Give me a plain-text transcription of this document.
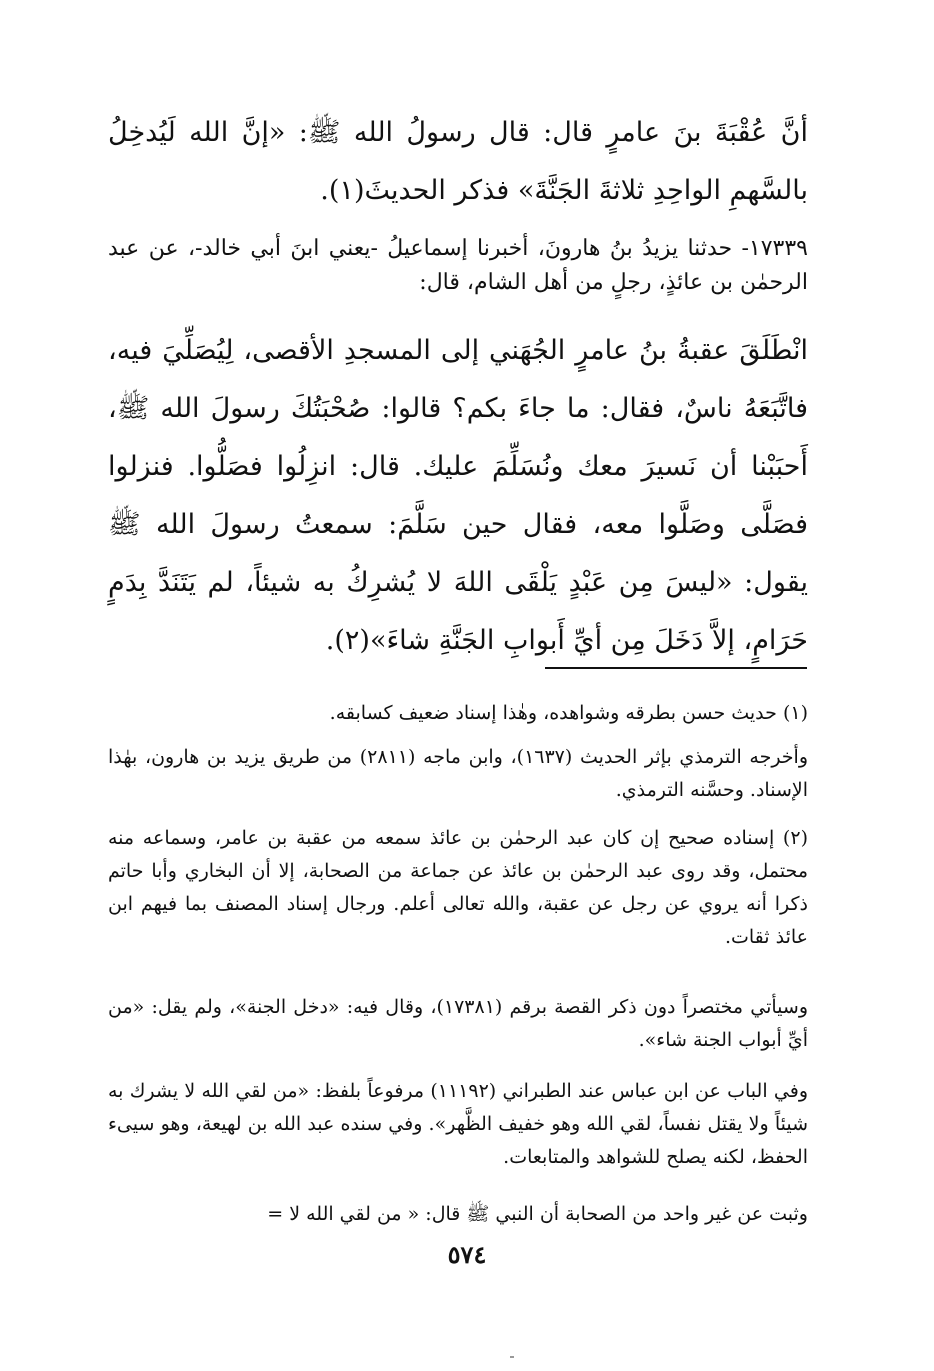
أنَّ عُقْبَةَ بنَ عامرٍ قال: قال رسولُ الله ﷺ: «إنَّ الله لَيُدخِلُ بالسَّهمِ الواحِدِ ثلاثةَ الجَنَّةَ» فذكر الحديثَ(١).

١٧٣٣٩- حدثنا يزيدُ بنُ هارونَ، أخبرنا إسماعيلُ -يعني ابنَ أبي خالد-، عن عبد الرحمٰن بن عائذٍ، رجلٍ من أهل الشام، قال:

انْطَلَقَ عقبةُ بنُ عامرٍ الجُهَني إلى المسجدِ الأقصى، لِيُصَلِّيَ فيه، فاتَّبَعَهُ ناسٌ، فقال: ما جاءَ بكم؟ قالوا: صُحْبَتُكَ رسولَ الله ﷺ، أَحبَبْنا أن نَسيرَ معك ونُسَلِّمَ عليك. قال: انزِلُوا فصَلُّوا. فنزلوا فصَلَّى وصَلَّوا معه، فقال حين سَلَّمَ: سمعتُ رسولَ الله ﷺ يقول: «ليسَ مِن عَبْدٍ يَلْقَى اللهَ لا يُشرِكُ به شيئاً، لم يَتَنَدَّ بِدَمٍ حَرَامٍ، إلاَّ دَخَلَ مِن أيِّ أَبوابِ الجَنَّةِ شاءَ»(٢).

(١) حديث حسن بطرقه وشواهده، وهٰذا إسناد ضعيف كسابقه.

وأخرجه الترمذي بإثر الحديث (١٦٣٧)، وابن ماجه (٢٨١١) من طريق يزيد بن هارون، بهٰذا الإسناد. وحسَّنه الترمذي.

(٢) إسناده صحيح إن كان عبد الرحمٰن بن عائذ سمعه من عقبة بن عامر، وسماعه منه محتمل، وقد روى عبد الرحمٰن بن عائذ عن جماعة من الصحابة، إلا أن البخاري وأبا حاتم ذكرا أنه يروي عن رجل عن عقبة، والله تعالى أعلم. ورجال إسناد المصنف بما فيهم ابن عائذ ثقات.

وسيأتي مختصراً دون ذكر القصة برقم (١٧٣٨١)، وقال فيه: «دخل الجنة»، ولم يقل: «من أيِّ أبواب الجنة شاء».

وفي الباب عن ابن عباس عند الطبراني (١١١٩٢) مرفوعاً بلفظ: «من لقي الله لا يشرك به شيئاً ولا يقتل نفساً، لقي الله وهو خفيف الظَّهر». وفي سنده عبد الله بن لهيعة، وهو سيىء الحفظ، لكنه يصلح للشواهد والمتابعات.

وثبت عن غير واحد من الصحابة أن النبي ﷺ قال: « من لقي الله لا =

٥٧٤
